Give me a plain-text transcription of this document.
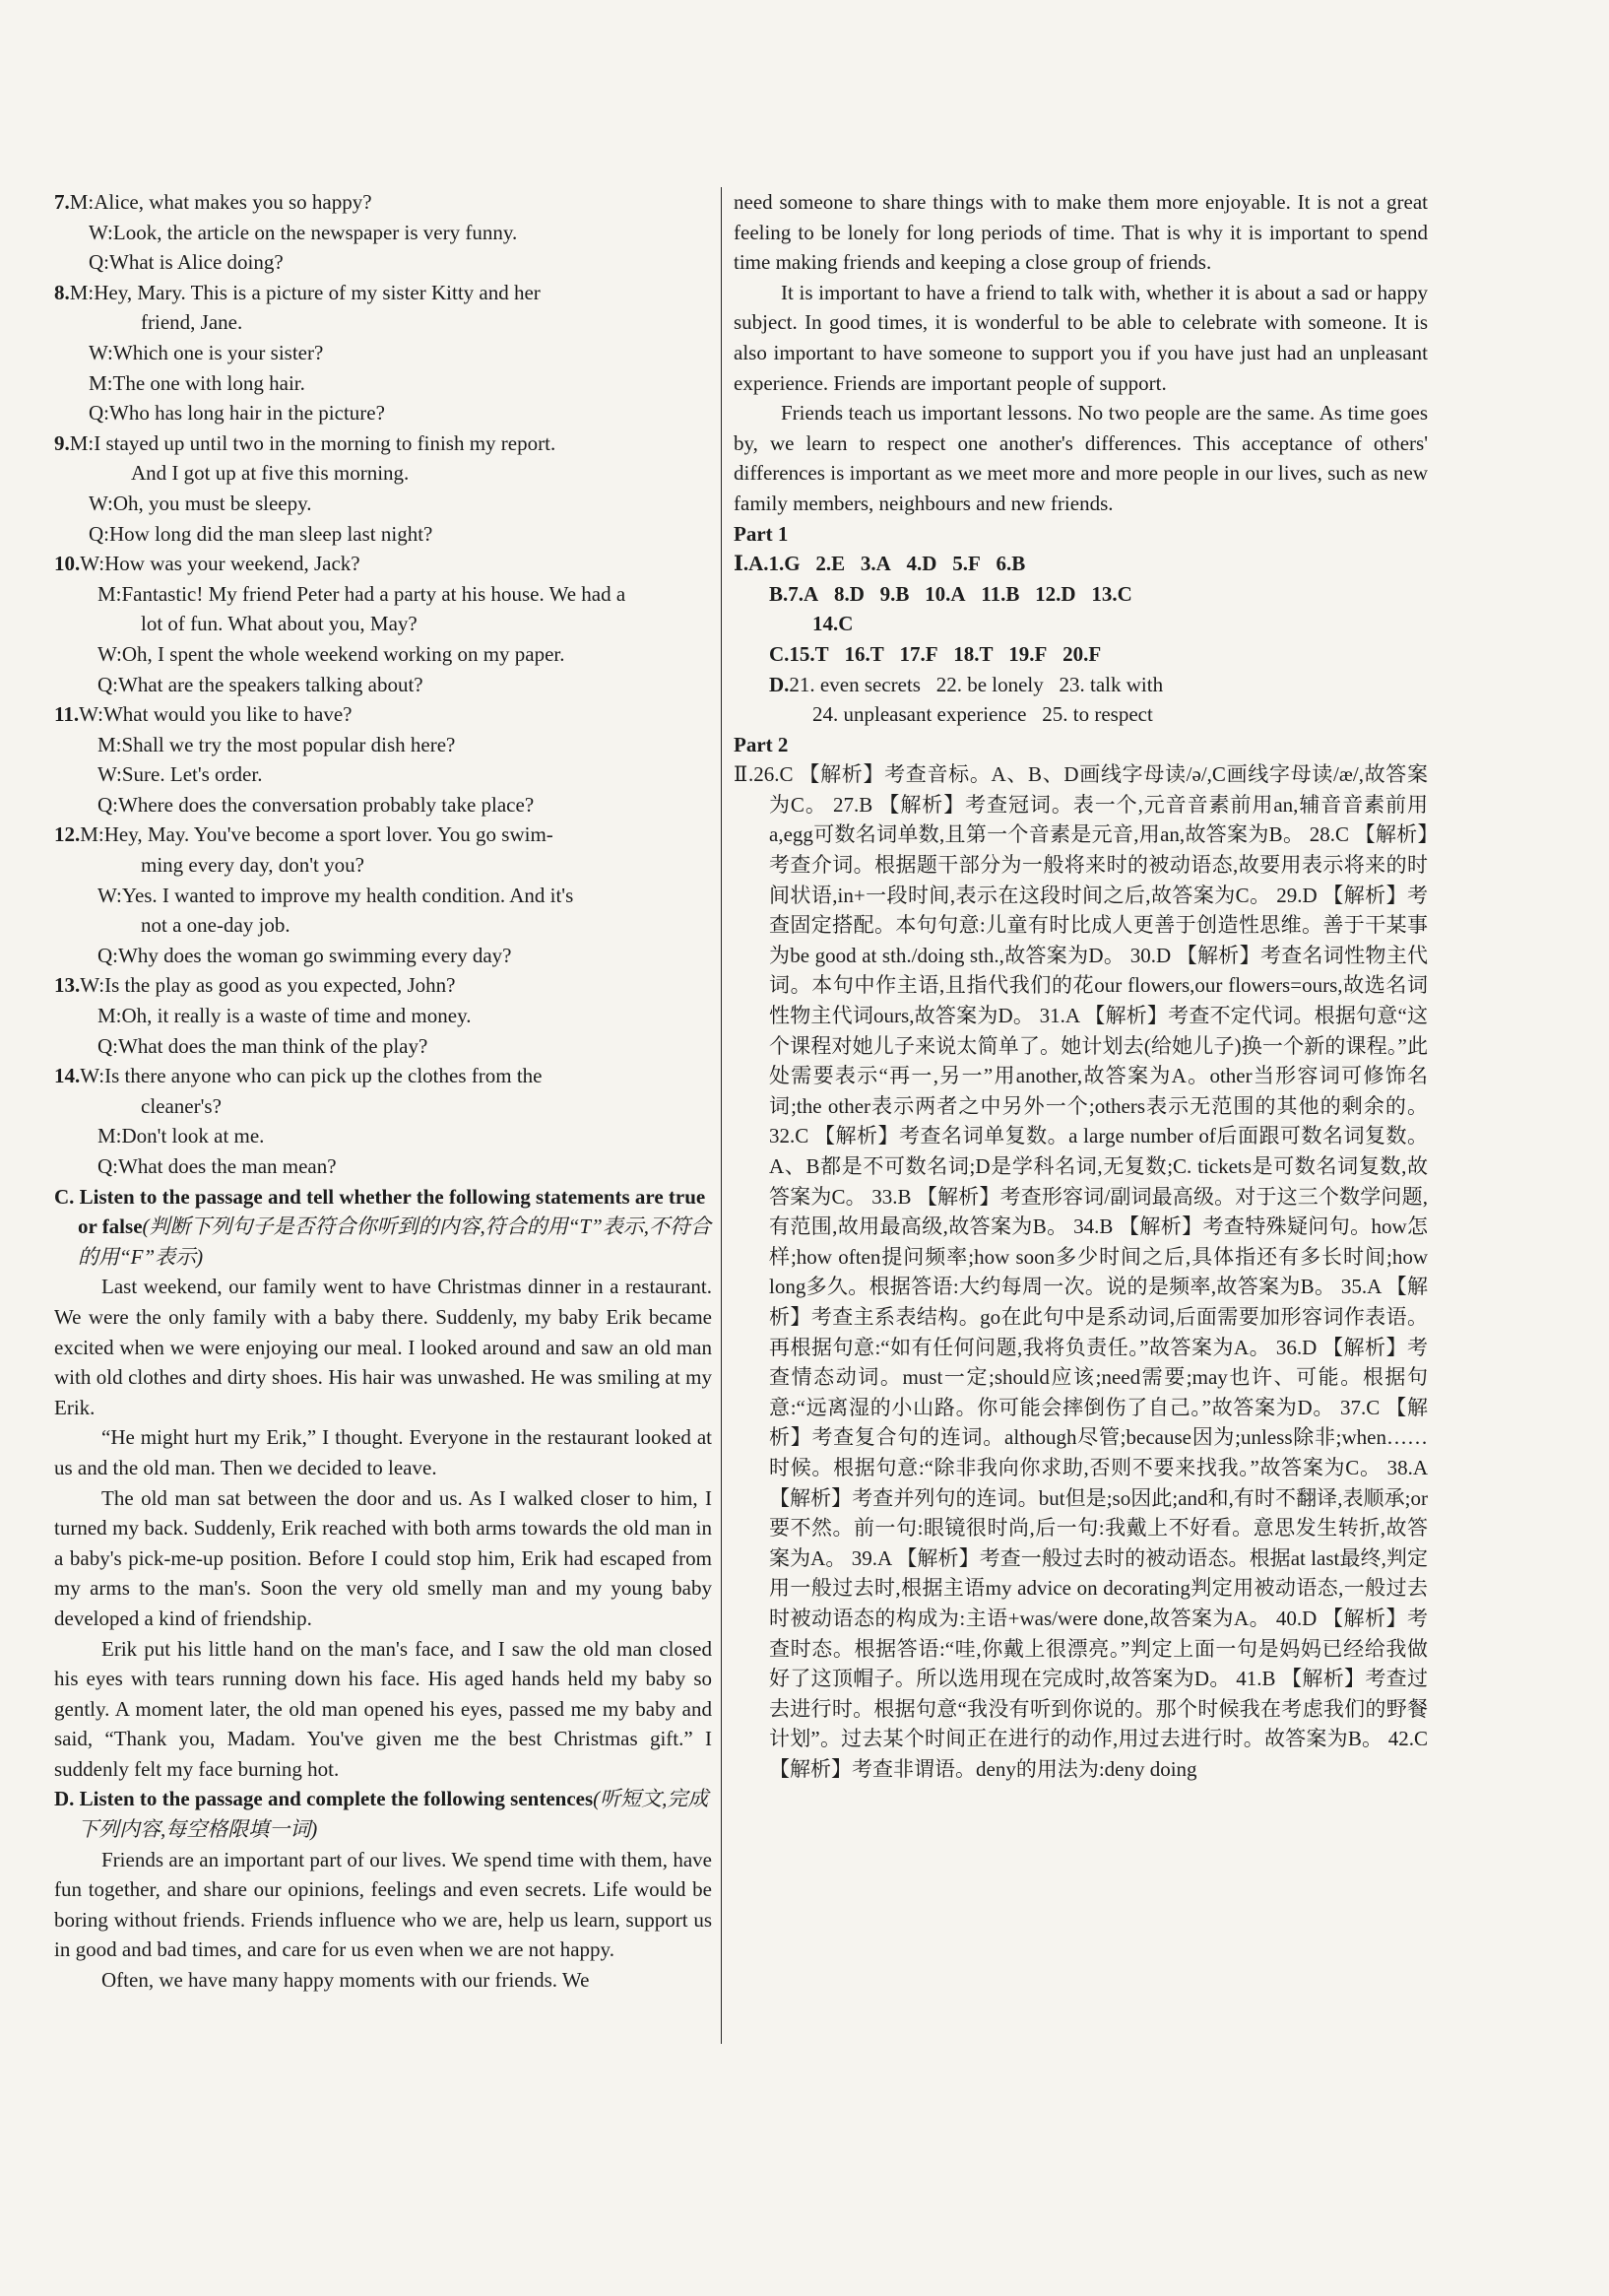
7.M:Alice, what makes you so happy?

W:Look, the article on the newspaper is very funny.

Q:What is Alice doing?

8.M:Hey, Mary. This is a picture of my sister Kitty and her

friend, Jane.

W:Which one is your sister?

M:The one with long hair.

Q:Who has long hair in the picture?

9.M:I stayed up until two in the morning to finish my report.

And I got up at five this morning.

W:Oh, you must be sleepy.

Q:How long did the man sleep last night?

10.W:How was your weekend, Jack?

M:Fantastic! My friend Peter had a party at his house. We had a

lot of fun. What about you, May?

W:Oh, I spent the whole weekend working on my paper.

Q:What are the speakers talking about?

11.W:What would you like to have?

M:Shall we try the most popular dish here?

W:Sure. Let's order.

Q:Where does the conversation probably take place?

12.M:Hey, May. You've become a sport lover. You go swim-

ming every day, don't you?

W:Yes. I wanted to improve my health condition. And it's

not a one-day job.

Q:Why does the woman go swimming every day?

13.W:Is the play as good as you expected, John?

M:Oh, it really is a waste of time and money.

Q:What does the man think of the play?

14.W:Is there anyone who can pick up the clothes from the

cleaner's?

M:Don't look at me.

Q:What does the man mean?

C. Listen to the passage and tell whether the following statements are true or false(判断下列句子是否符合你听到的内容,符合的用“T”表示,不符合的用“F”表示)

Last weekend, our family went to have Christmas dinner in a restaurant. We were the only family with a baby there. Suddenly, my baby Erik became excited when we were enjoying our meal. I looked around and saw an old man with old clothes and dirty shoes. His hair was unwashed. He was smiling at my Erik.

“He might hurt my Erik,” I thought. Everyone in the restaurant looked at us and the old man. Then we decided to leave.

The old man sat between the door and us. As I walked closer to him, I turned my back. Suddenly, Erik reached with both arms towards the old man in a baby's pick-me-up position. Before I could stop him, Erik had escaped from my arms to the man's. Soon the very old smelly man and my young baby developed a kind of friendship.

Erik put his little hand on the man's face, and I saw the old man closed his eyes with tears running down his face. His aged hands held my baby so gently. A moment later, the old man opened his eyes, passed me my baby and said, “Thank you, Madam. You've given me the best Christmas gift.” I suddenly felt my face burning hot.

D. Listen to the passage and complete the following sentences(听短文,完成下列内容,每空格限填一词)

Friends are an important part of our lives. We spend time with them, have fun together, and share our opinions, feelings and even secrets. Life would be boring without friends. Friends influence who we are, help us learn, support us in good and bad times, and care for us even when we are not happy.

Often, we have many happy moments with our friends. We

need someone to share things with to make them more enjoyable. It is not a great feeling to be lonely for long periods of time. That is why it is important to spend time making friends and keeping a close group of friends.

It is important to have a friend to talk with, whether it is about a sad or happy subject. In good times, it is wonderful to be able to celebrate with someone. It is also important to have someone to support you if you have just had an unpleasant experience. Friends are important people of support.

Friends teach us important lessons. No two people are the same. As time goes by, we learn to respect one another's differences. This acceptance of others' differences is important as we meet more and more people in our lives, such as new family members, neighbours and new friends.

Part 1

Ⅰ.A.1.G 2.E 3.A 4.D 5.F 6.B

B.7.A 8.D 9.B 10.A 11.B 12.D 13.C

14.C

C.15.T 16.T 17.F 18.T 19.F 20.F

D.21. even secrets 22. be lonely 23. talk with

24. unpleasant experience 25. to respect

Part 2

Ⅱ.26.C 【解析】考查音标。A、B、D画线字母读/ə/,C画线字母读/æ/,故答案为C。 27.B 【解析】考查冠词。表一个,元音音素前用an,辅音音素前用a,egg可数名词单数,且第一个音素是元音,用an,故答案为B。 28.C 【解析】考查介词。根据题干部分为一般将来时的被动语态,故要用表示将来的时间状语,in+一段时间,表示在这段时间之后,故答案为C。 29.D 【解析】考查固定搭配。本句句意:儿童有时比成人更善于创造性思维。善于干某事为be good at sth./doing sth.,故答案为D。 30.D 【解析】考查名词性物主代词。本句中作主语,且指代我们的花our flowers,our flowers=ours,故选名词性物主代词ours,故答案为D。 31.A 【解析】考查不定代词。根据句意“这个课程对她儿子来说太简单了。她计划去(给她儿子)换一个新的课程。”此处需要表示“再一,另一”用another,故答案为A。other当形容词可修饰名词;the other表示两者之中另外一个;others表示无范围的其他的剩余的。 32.C 【解析】考查名词单复数。a large number of后面跟可数名词复数。A、B都是不可数名词;D是学科名词,无复数;C. tickets是可数名词复数,故答案为C。 33.B 【解析】考查形容词/副词最高级。对于这三个数学问题,有范围,故用最高级,故答案为B。 34.B 【解析】考查特殊疑问句。how怎样;how often提问频率;how soon多少时间之后,具体指还有多长时间;how long多久。根据答语:大约每周一次。说的是频率,故答案为B。 35.A 【解析】考查主系表结构。go在此句中是系动词,后面需要加形容词作表语。再根据句意:“如有任何问题,我将负责任。”故答案为A。 36.D 【解析】考查情态动词。must一定;should应该;need需要;may也许、可能。根据句意:“远离湿的小山路。你可能会摔倒伤了自己。”故答案为D。 37.C 【解析】考查复合句的连词。although尽管;because因为;unless除非;when……时候。根据句意:“除非我向你求助,否则不要来找我。”故答案为C。 38.A 【解析】考查并列句的连词。but但是;so因此;and和,有时不翻译,表顺承;or要不然。前一句:眼镜很时尚,后一句:我戴上不好看。意思发生转折,故答案为A。 39.A 【解析】考查一般过去时的被动语态。根据at last最终,判定用一般过去时,根据主语my advice on decorating判定用被动语态,一般过去时被动语态的构成为:主语+was/were done,故答案为A。 40.D 【解析】考查时态。根据答语:“哇,你戴上很漂亮。”判定上面一句是妈妈已经给我做好了这顶帽子。所以选用现在完成时,故答案为D。 41.B 【解析】考查过去进行时。根据句意“我没有听到你说的。那个时候我在考虑我们的野餐计划”。过去某个时间正在进行的动作,用过去进行时。故答案为B。 42.C 【解析】考查非谓语。deny的用法为:deny doing
